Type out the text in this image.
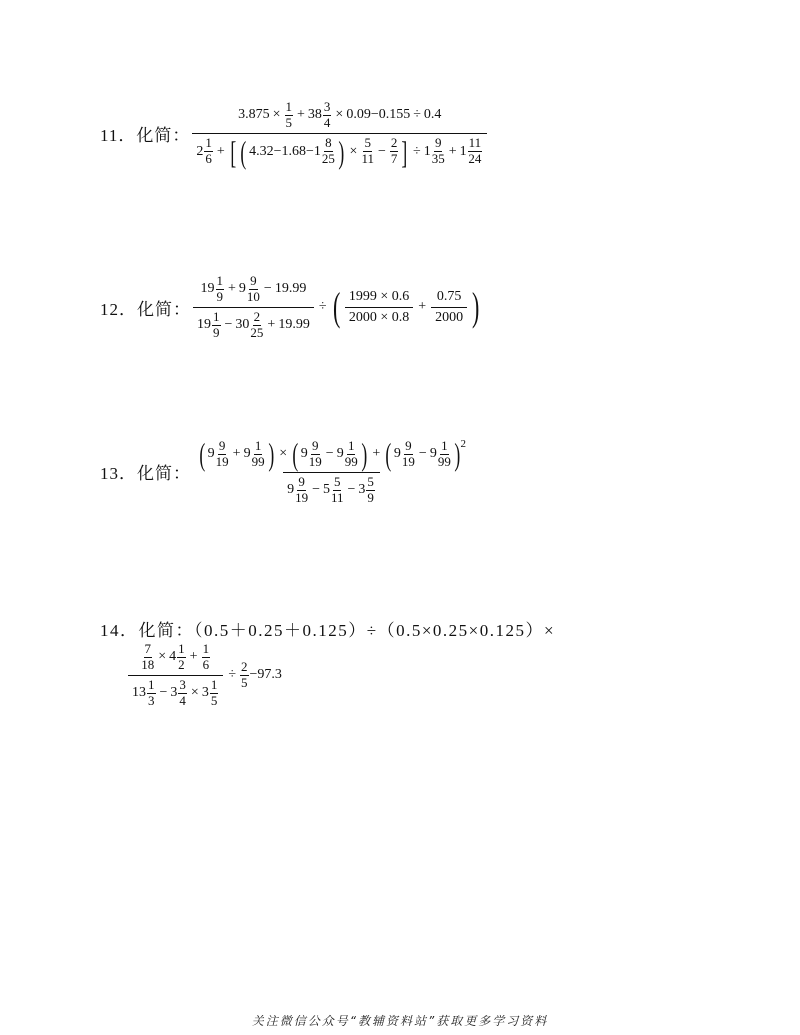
11．化简：
$3.875 \times \frac{1}{5} + 38 \frac{3}{4} \times 0.09-0.155 \div 0.4$
2
1
6 + [ ( 4.32−1.68−1
8
25 ) × $\frac{5}{11} - \frac{2}{7}$ ] ÷ $1 \frac{9}{35} + 1 \frac{11}{24}$
12．化简： 19
1
$9 + 9 \frac{9}{10} - 19.99$
19
1
$9 - 30 \frac{2}{25} + 19.99$ ÷ ( $\frac{1999 \times 0.6}{2000 \times 0.8} + \frac{0.75}{2000}$ )
13．化简：
( 9
9
$19 + 9 \frac{1}{99}$ ) × ( 9
9
$19 - 9 \frac{1}{99}$ ) + ( 9
9
$19 - 9 \frac{1}{99}$ ) 2
9
9
$19 - 5 \frac{5}{11} - 3 \frac{5}{9}$
14．化简：（0.5＋0.25＋0.125）÷（0.5×0.25×0.125）×
$\frac{7}{18} \times 4 \frac{1}{2} + \frac{1}{6}$
13
1
$3 - 3 \frac{3}{4} \times 3 \frac{1}{5} \div \frac{2}{5} -97.3$
关注微信公众号“教辅资料站”获取更多学习资料
